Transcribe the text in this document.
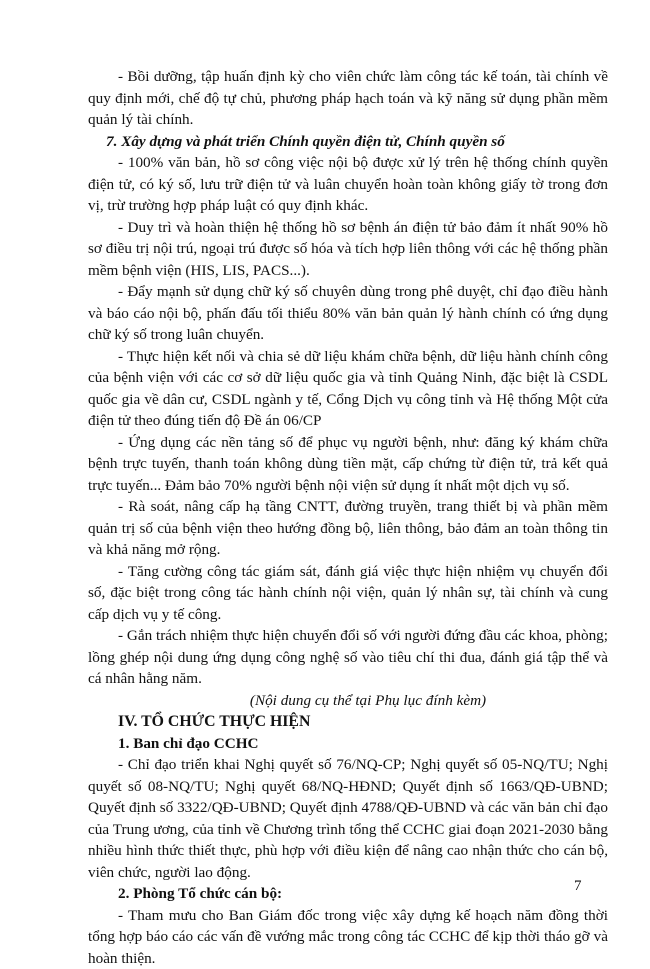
- Bồi dưỡng, tập huấn định kỳ cho viên chức làm công tác kế toán, tài chính về quy định mới, chế độ tự chủ, phương pháp hạch toán và kỹ năng sử dụng phần mềm quản lý tài chính.

7. Xây dựng và phát triển Chính quyền điện tử, Chính quyền số

- 100% văn bản, hồ sơ công việc nội bộ được xử lý trên hệ thống chính quyền điện tử, có ký số, lưu trữ điện tử và luân chuyển hoàn toàn không giấy tờ trong đơn vị, trừ trường hợp pháp luật có quy định khác.

- Duy trì và hoàn thiện hệ thống hồ sơ bệnh án điện tử bảo đảm ít nhất 90% hồ sơ điều trị nội trú, ngoại trú được số hóa và tích hợp liên thông với các hệ thống phần mềm bệnh viện (HIS, LIS, PACS...).

- Đẩy mạnh sử dụng chữ ký số chuyên dùng trong phê duyệt, chỉ đạo điều hành và báo cáo nội bộ, phấn đấu tối thiểu 80% văn bản quản lý hành chính có ứng dụng chữ ký số trong luân chuyển.

- Thực hiện kết nối và chia sẻ dữ liệu khám chữa bệnh, dữ liệu hành chính công của bệnh viện với các cơ sở dữ liệu quốc gia và tỉnh Quảng Ninh, đặc biệt là CSDL quốc gia về dân cư, CSDL ngành y tế, Cổng Dịch vụ công tỉnh và Hệ thống Một cửa điện tử theo đúng tiến độ Đề án 06/CP

- Ứng dụng các nền tảng số để phục vụ người bệnh, như: đăng ký khám chữa bệnh trực tuyến, thanh toán không dùng tiền mặt, cấp chứng từ điện tử, trả kết quả trực tuyến... Đảm bảo 70% người bệnh nội viện sử dụng ít nhất một dịch vụ số.

- Rà soát, nâng cấp hạ tầng CNTT, đường truyền, trang thiết bị và phần mềm quản trị số của bệnh viện theo hướng đồng bộ, liên thông, bảo đảm an toàn thông tin và khả năng mở rộng.

- Tăng cường công tác giám sát, đánh giá việc thực hiện nhiệm vụ chuyển đổi số, đặc biệt trong công tác hành chính nội viện, quản lý nhân sự, tài chính và cung cấp dịch vụ y tế công.

- Gắn trách nhiệm thực hiện chuyển đổi số với người đứng đầu các khoa, phòng; lồng ghép nội dung ứng dụng công nghệ số vào tiêu chí thi đua, đánh giá tập thể và cá nhân hằng năm.

(Nội dung cụ thể tại Phụ lục đính kèm)

IV. TỔ CHỨC THỰC HIỆN

1. Ban chỉ đạo CCHC

- Chỉ đạo triển khai Nghị quyết số 76/NQ-CP; Nghị quyết số 05-NQ/TU; Nghị quyết số 08-NQ/TU; Nghị quyết 68/NQ-HĐND; Quyết định số 1663/QĐ-UBND; Quyết định số 3322/QĐ-UBND; Quyết định 4788/QĐ-UBND và các văn bản chỉ đạo của Trung ương, của tỉnh về Chương trình tổng thể CCHC giai đoạn 2021-2030 bằng nhiều hình thức thiết thực, phù hợp với điều kiện để nâng cao nhận thức cho cán bộ, viên chức, người lao động.

2. Phòng Tổ chức cán bộ:

- Tham mưu cho Ban Giám đốc trong việc xây dựng kế hoạch năm đồng thời tổng hợp báo cáo các vấn đề vướng mắc trong công tác CCHC để kịp thời tháo gỡ và hoàn thiện.

7
